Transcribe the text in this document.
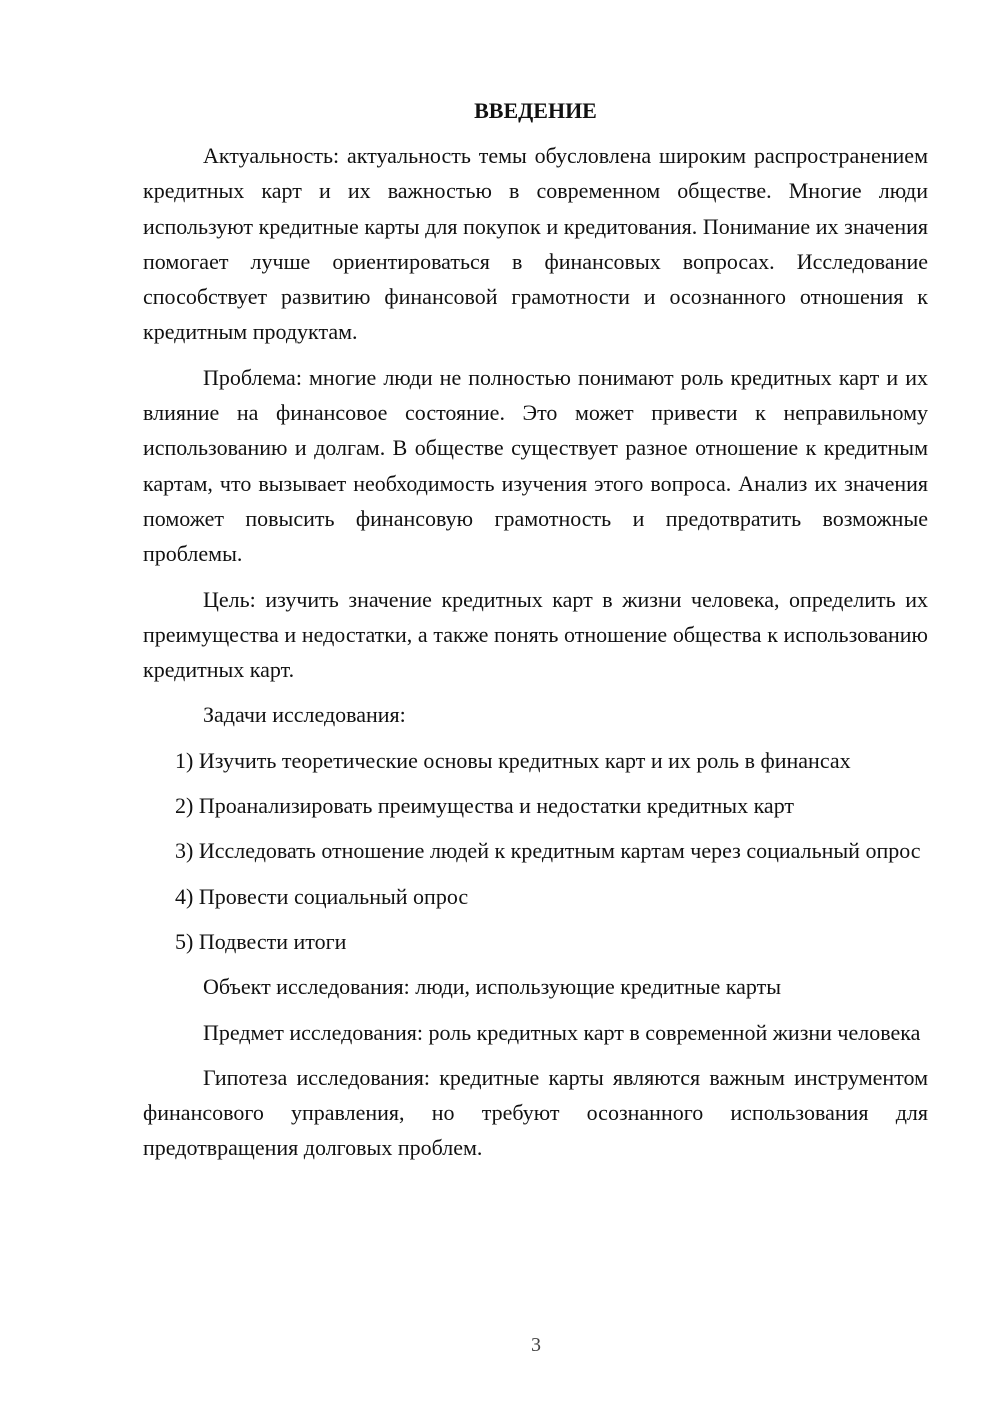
ВВЕДЕНИЕ

Актуальность: актуальность темы обусловлена широким распространением кредитных карт и их важностью в современном обществе. Многие люди используют кредитные карты для покупок и кредитования. Понимание их значения помогает лучше ориентироваться в финансовых вопросах. Исследование способствует развитию финансовой грамотности и осознанного отношения к кредитным продуктам.

Проблема: многие люди не полностью понимают роль кредитных карт и их влияние на финансовое состояние. Это может привести к неправильному использованию и долгам. В обществе существует разное отношение к кредитным картам, что вызывает необходимость изучения этого вопроса. Анализ их значения поможет повысить финансовую грамотность и предотвратить возможные проблемы.

Цель: изучить значение кредитных карт в жизни человека, определить их преимущества и недостатки, а также понять отношение общества к использованию кредитных карт.

Задачи исследования:

1) Изучить теоретические основы кредитных карт и их роль в финансах

2) Проанализировать преимущества и недостатки кредитных карт

3) Исследовать отношение людей к кредитным картам через социальный опрос

4) Провести социальный опрос

5) Подвести итоги

Объект исследования: люди, использующие кредитные карты

Предмет исследования: роль кредитных карт в современной жизни человека

Гипотеза исследования: кредитные карты являются важным инструментом финансового управления, но требуют осознанного использования для предотвращения долговых проблем.

3
